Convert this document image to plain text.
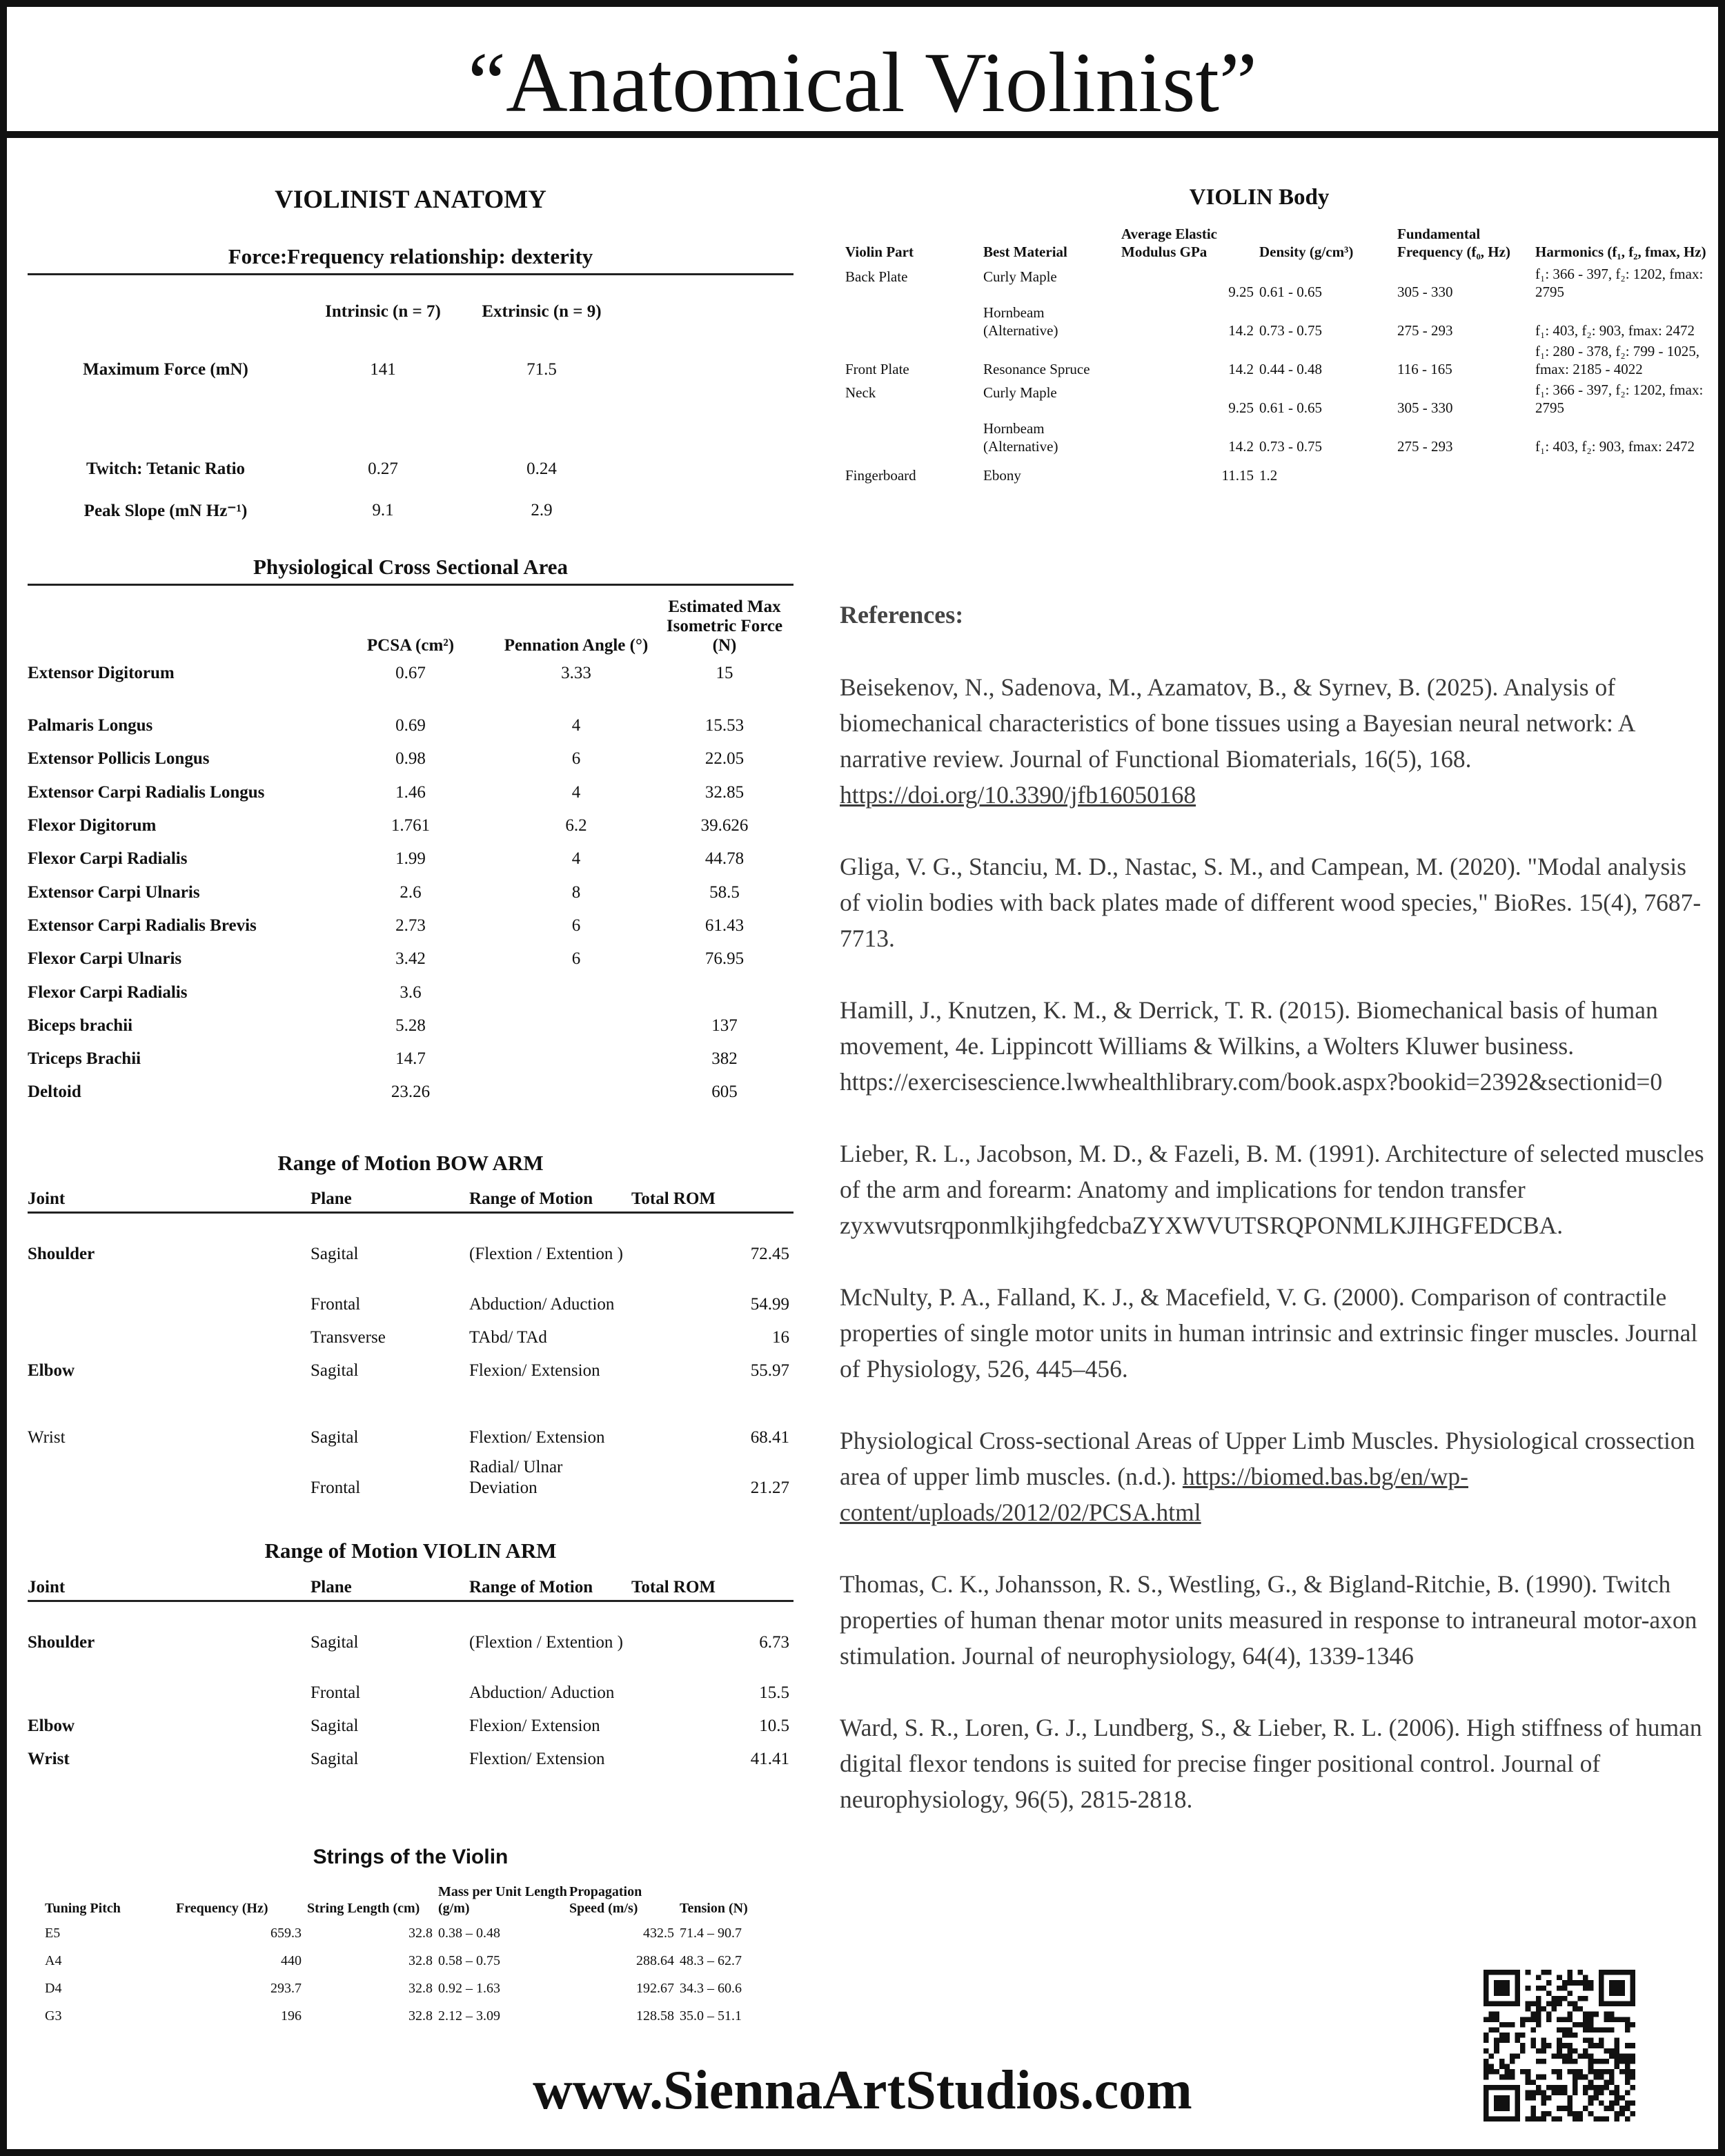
“Anatomical Violinist”
VIOLINIST ANATOMY
Force:Frequency relationship: dexterity
	Intrinsic (n = 7)	Extrinsic (n = 9)	
Maximum Force (mN)	141	71.5	
Twitch: Tetanic Ratio	0.27	0.24	
Peak Slope (mN Hz⁻¹)	9.1	2.9	
Physiological Cross Sectional Area
	PCSA (cm²)	Pennation Angle (°)	Estimated Max Isometric Force (N)
Extensor Digitorum	0.67	3.33	15
Palmaris Longus	0.69	4	15.53
Extensor Pollicis Longus	0.98	6	22.05
Extensor Carpi Radialis Longus	1.46	4	32.85
Flexor Digitorum	1.761	6.2	39.626
Flexor Carpi Radialis	1.99	4	44.78
Extensor Carpi Ulnaris	2.6	8	58.5
Extensor Carpi Radialis Brevis	2.73	6	61.43
Flexor Carpi Ulnaris	3.42	6	76.95
Flexor Carpi Radialis	3.6		
Biceps brachii	5.28		137
Triceps Brachii	14.7		382
Deltoid	23.26		605
Range of Motion BOW ARM
Joint	Plane	Range of Motion	Total ROM
Shoulder	Sagital	(Flextion / Extention )	72.45
	Frontal	Abduction/ Aduction	54.99
	Transverse	TAbd/ TAd	16
Elbow	Sagital	Flexion/ Extension	55.97
Wrist	Sagital	Flextion/ Extension	68.41
	Frontal	Radial/ Ulnar Deviation	21.27
Range of Motion VIOLIN ARM
Joint	Plane	Range of Motion	Total ROM
Shoulder	Sagital	(Flextion / Extention )	6.73
	Frontal	Abduction/ Aduction	15.5
Elbow	Sagital	Flexion/ Extension	10.5
Wrist	Sagital	Flextion/ Extension	41.41
Strings of the Violin
Tuning Pitch	Frequency (Hz)	String Length (cm)	Mass per Unit Length (g/m)	Propagation Speed (m/s)	Tension (N)
E5	659.3	32.8	0.38 – 0.48	432.5	71.4 – 90.7
A4	440	32.8	0.58 – 0.75	288.64	48.3 – 62.7
D4	293.7	32.8	0.92 – 1.63	192.67	34.3 – 60.6
G3	196	32.8	2.12 – 3.09	128.58	35.0 – 51.1
VIOLIN Body
Violin Part	Best Material	Average Elastic Modulus GPa	Density (g/cm³)	Fundamental Frequency (f₀, Hz)	Harmonics (f₁, f₂, fmax, Hz)
Back Plate	Curly Maple	9.25	0.61 - 0.65	305 - 330	f₁: 366 - 397, f₂: 1202, fmax: 2795
	Hornbeam (Alternative)	14.2	0.73 - 0.75	275 - 293	f₁: 403, f₂: 903, fmax: 2472
Front Plate	Resonance Spruce	14.2	0.44 - 0.48	116 - 165	f₁: 280 - 378, f₂: 799 - 1025, fmax: 2185 - 4022
Neck	Curly Maple	9.25	0.61 - 0.65	305 - 330	f₁: 366 - 397, f₂: 1202, fmax: 2795
	Hornbeam (Alternative)	14.2	0.73 - 0.75	275 - 293	f₁: 403, f₂: 903, fmax: 2472
Fingerboard	Ebony	11.15	1.2		
References:

Beisekenov, N., Sadenova, M., Azamatov, B., & Syrnev, B. (2025). Analysis of biomechanical characteristics of bone tissues using a Bayesian neural network: A narrative review. Journal of Functional Biomaterials, 16(5), 168. https://doi.org/10.3390/jfb16050168

Gliga, V. G., Stanciu, M. D., Nastac, S. M., and Campean, M. (2020). "Modal analysis of violin bodies with back plates made of different wood species," BioRes. 15(4), 7687-7713.

Hamill, J., Knutzen, K. M., & Derrick, T. R. (2015). Biomechanical basis of human movement, 4e. Lippincott Williams & Wilkins, a Wolters Kluwer business. https://exercisescience.lwwhealthlibrary.com/book.aspx?bookid=2392&sectionid=0

Lieber, R. L., Jacobson, M. D., & Fazeli, B. M. (1991). Architecture of selected muscles of the arm and forearm: Anatomy and implications for tendon transfer zyxwvutsrqponmlkjihgfedcbaZYXWVUTSRQPONMLKJIHGFEDCBA.

McNulty, P. A., Falland, K. J., & Macefield, V. G. (2000). Comparison of contractile properties of single motor units in human intrinsic and extrinsic finger muscles. Journal of Physiology, 526, 445–456.

Physiological Cross-sectional Areas of Upper Limb Muscles. Physiological crossection area of upper limb muscles. (n.d.). https://biomed.bas.bg/en/wp-content/uploads/2012/02/PCSA.html

Thomas, C. K., Johansson, R. S., Westling, G., & Bigland-Ritchie, B. (1990). Twitch properties of human thenar motor units measured in response to intraneural motor-axon stimulation. Journal of neurophysiology, 64(4), 1339-1346

Ward, S. R., Loren, G. J., Lundberg, S., & Lieber, R. L. (2006). High stiffness of human digital flexor tendons is suited for precise finger positional control. Journal of neurophysiology, 96(5), 2815-2818.

www.SiennaArtStudios.com
